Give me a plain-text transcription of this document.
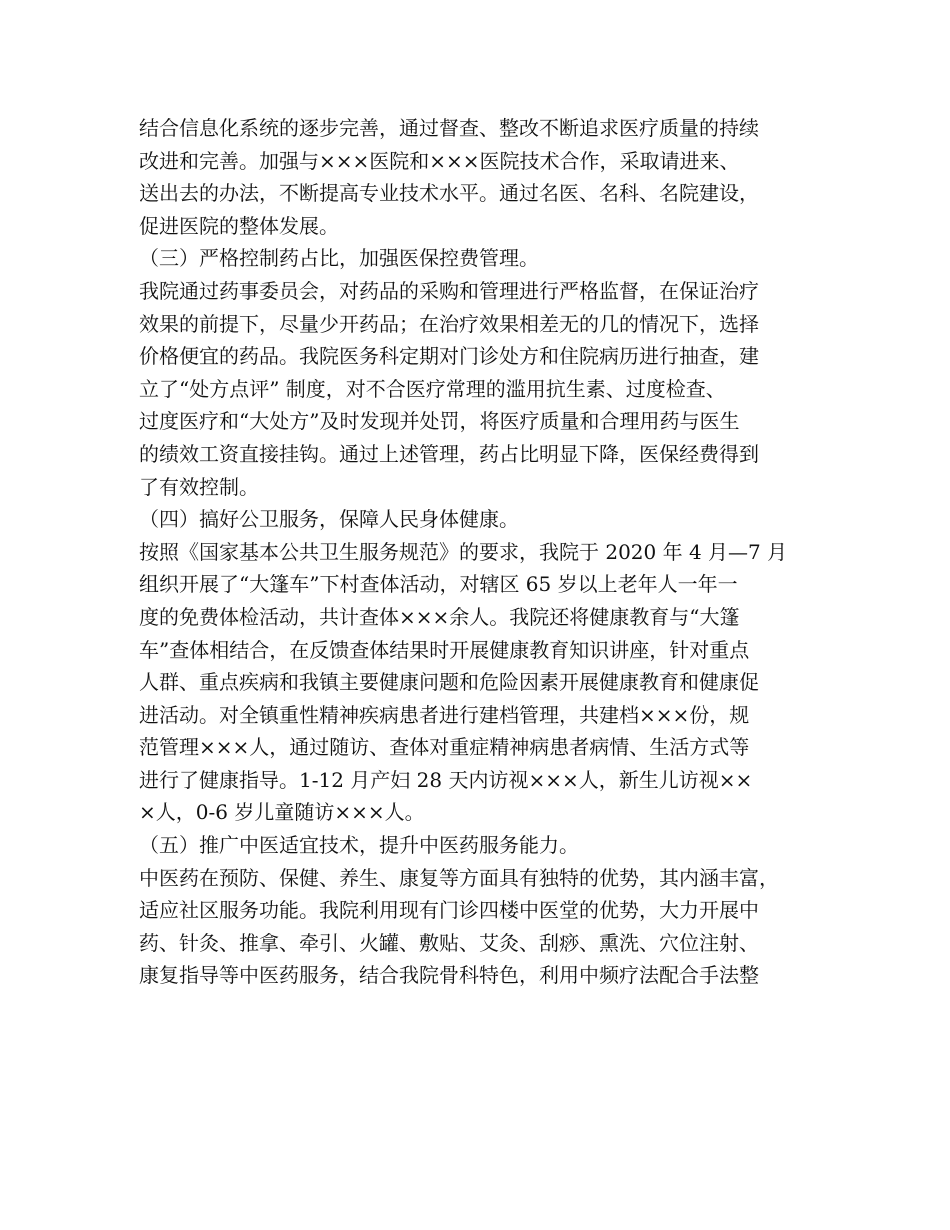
结合信息化系统的逐步完善，通过督查、整改不断追求医疗质量的持续
改进和完善。加强与×××医院和×××医院技术合作，采取请进来、
送出去的办法，不断提高专业技术水平。通过名医、名科、名院建设，
促进医院的整体发展。
（三）严格控制药占比，加强医保控费管理。
我院通过药事委员会，对药品的采购和管理进行严格监督，在保证治疗
效果的前提下，尽量少开药品；在治疗效果相差无的几的情况下，选择
价格便宜的药品。我院医务科定期对门诊处方和住院病历进行抽查，建
立了“处方点评” 制度，对不合医疗常理的滥用抗生素、过度检查、
过度医疗和“大处方”及时发现并处罚，将医疗质量和合理用药与医生
的绩效工资直接挂钩。通过上述管理，药占比明显下降，医保经费得到
了有效控制。
（四）搞好公卫服务，保障人民身体健康。
按照《国家基本公共卫生服务规范》的要求，我院于 2020 年 4 月—7 月
组织开展了“大篷车”下村查体活动，对辖区 65 岁以上老年人一年一
度的免费体检活动，共计查体×××余人。我院还将健康教育与“大篷
车”查体相结合，在反馈查体结果时开展健康教育知识讲座，针对重点
人群、重点疾病和我镇主要健康问题和危险因素开展健康教育和健康促
进活动。对全镇重性精神疾病患者进行建档管理，共建档×××份，规
范管理×××人，通过随访、查体对重症精神病患者病情、生活方式等
进行了健康指导。1-12 月产妇 28 天内访视×××人，新生儿访视××
×人，0-6 岁儿童随访×××人。
（五）推广中医适宜技术，提升中医药服务能力。
中医药在预防、保健、养生、康复等方面具有独特的优势，其内涵丰富，
适应社区服务功能。我院利用现有门诊四楼中医堂的优势，大力开展中
药、针灸、推拿、牵引、火罐、敷贴、艾灸、刮痧、熏洗、穴位注射、
康复指导等中医药服务，结合我院骨科特色，利用中频疗法配合手法整
